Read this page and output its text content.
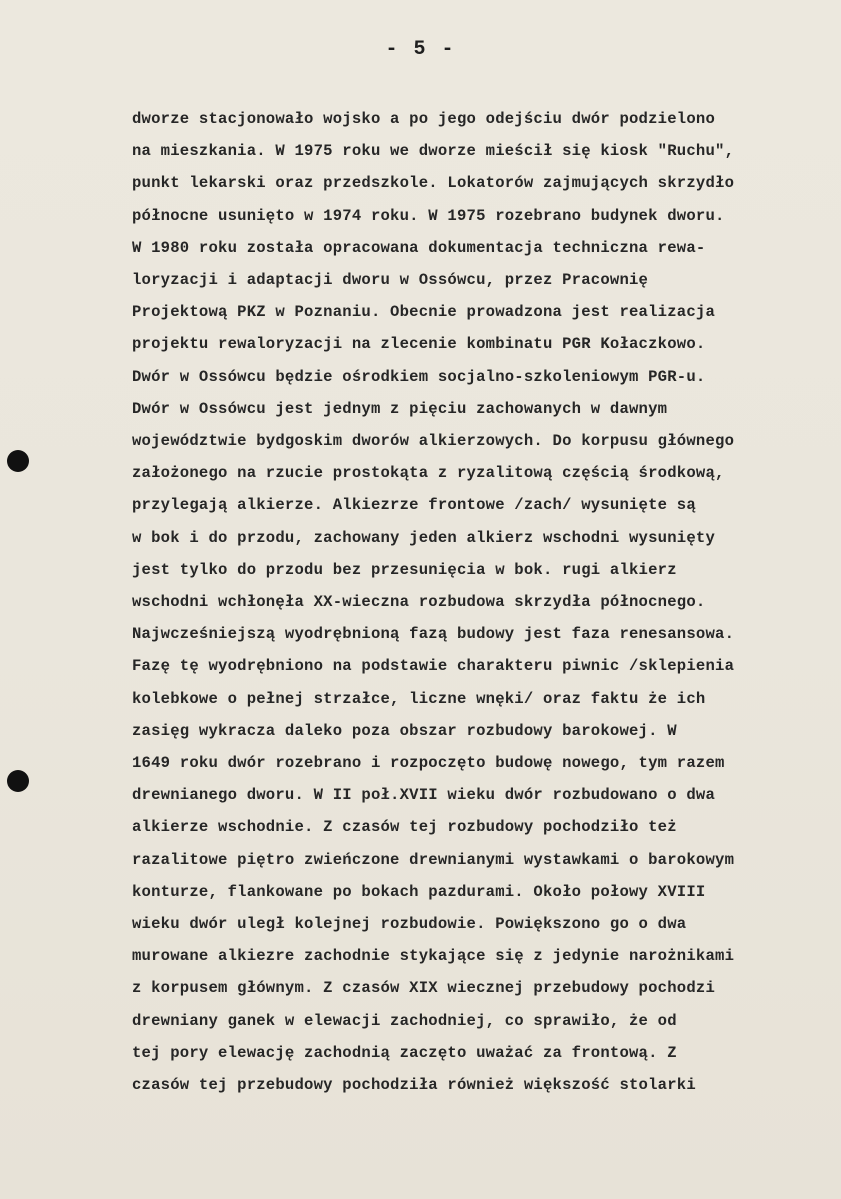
- 5 -
dworze stacjonowało wojsko a po jego odejściu dwór podzielono
na mieszkania. W 1975 roku we dworze mieścił się kiosk "Ruchu",
punkt lekarski oraz przedszkole. Lokatorów zajmujących skrzydło
północne usunięto w 1974 roku. W 1975 rozebrano budynek dworu.
W 1980 roku została opracowana dokumentacja techniczna rewa-
loryzacji i adaptacji dworu w Ossówcu, przez Pracownię
Projektową PKZ w Poznaniu. Obecnie prowadzona jest realizacja
projektu rewaloryzacji na zlecenie kombinatu PGR Kołaczkowo.
Dwór w Ossówcu będzie ośrodkiem socjalno-szkoleniowym PGR-u.
Dwór w Ossówcu jest jednym z pięciu zachowanych w dawnym
województwie bydgoskim dworów alkierzowych. Do korpusu głównego
założonego na rzucie prostokąta z ryzalitową częścią środkową,
przylegają alkierze. Alkiezrze frontowe /zach/ wysunięte są
w bok i do przodu, zachowany jeden alkierz wschodni wysunięty
jest tylko do przodu bez przesunięcia w bok. rugi alkierz
wschodni wchłonęła XX-wieczna rozbudowa skrzydła północnego.
Najwcześniejszą wyodrębnioną fazą budowy jest faza renesansowa.
Fazę tę wyodrębniono na podstawie charakteru piwnic /sklepienia
kolebkowe o pełnej strzałce, liczne wnęki/ oraz faktu że ich
zasięg wykracza daleko poza obszar rozbudowy barokowej. W
1649 roku dwór rozebrano i rozpoczęto budowę nowego, tym razem
drewnianego dworu. W II poł.XVII wieku dwór rozbudowano o dwa
alkierze wschodnie. Z czasów tej rozbudowy pochodziło też
razalitowe piętro zwieńczone drewnianymi wystawkami o barokowym
konturze, flankowane po bokach pazdurami. Około połowy XVIII
wieku dwór uległ kolejnej rozbudowie. Powiększono go o dwa
murowane alkiezre zachodnie stykające się z jedynie narożnikami
z korpusem głównym. Z czasów XIX wiecznej przebudowy pochodzi
drewniany ganek w elewacji zachodniej, co sprawiło, że od
tej pory elewację zachodnią zaczęto uważać za frontową. Z
czasów tej przebudowy pochodziła również większość stolarki
